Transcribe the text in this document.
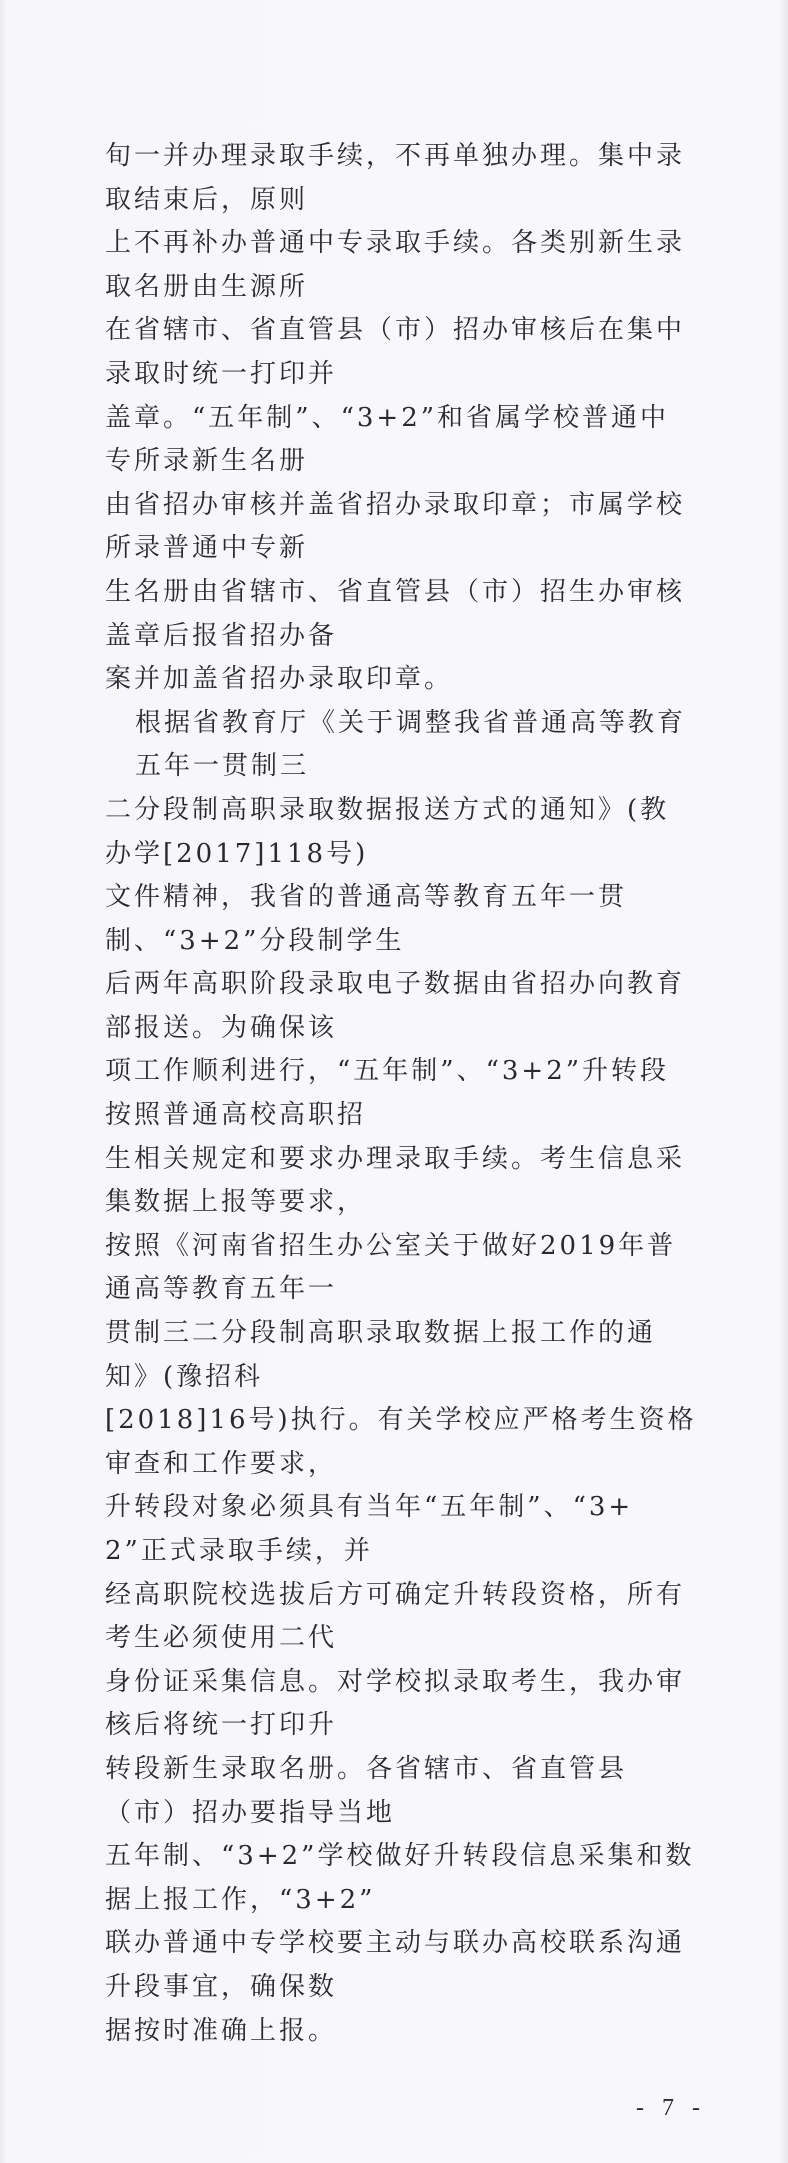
旬一并办理录取手续，不再单独办理。集中录取结束后，原则
上不再补办普通中专录取手续。各类别新生录取名册由生源所
在省辖市、省直管县（市）招办审核后在集中录取时统一打印并
盖章。“五年制”、“3+2”和省属学校普通中专所录新生名册
由省招办审核并盖省招办录取印章；市属学校所录普通中专新
生名册由省辖市、省直管县（市）招生办审核盖章后报省招办备
案并加盖省招办录取印章。
根据省教育厅《关于调整我省普通高等教育五年一贯制三
二分段制高职录取数据报送方式的通知》(教办学[2017]118号)
文件精神，我省的普通高等教育五年一贯制、“3+2”分段制学生
后两年高职阶段录取电子数据由省招办向教育部报送。为确保该
项工作顺利进行，“五年制”、“3+2”升转段按照普通高校高职招
生相关规定和要求办理录取手续。考生信息采集数据上报等要求，
按照《河南省招生办公室关于做好2019年普通高等教育五年一
贯制三二分段制高职录取数据上报工作的通知》(豫招科
[2018]16号)执行。有关学校应严格考生资格审查和工作要求，
升转段对象必须具有当年“五年制”、“3+2”正式录取手续，并
经高职院校选拔后方可确定升转段资格，所有考生必须使用二代
身份证采集信息。对学校拟录取考生，我办审核后将统一打印升
转段新生录取名册。各省辖市、省直管县（市）招办要指导当地
五年制、“3+2”学校做好升转段信息采集和数据上报工作，“3+2”
联办普通中专学校要主动与联办高校联系沟通升段事宜，确保数
据按时准确上报。
- 7 -
